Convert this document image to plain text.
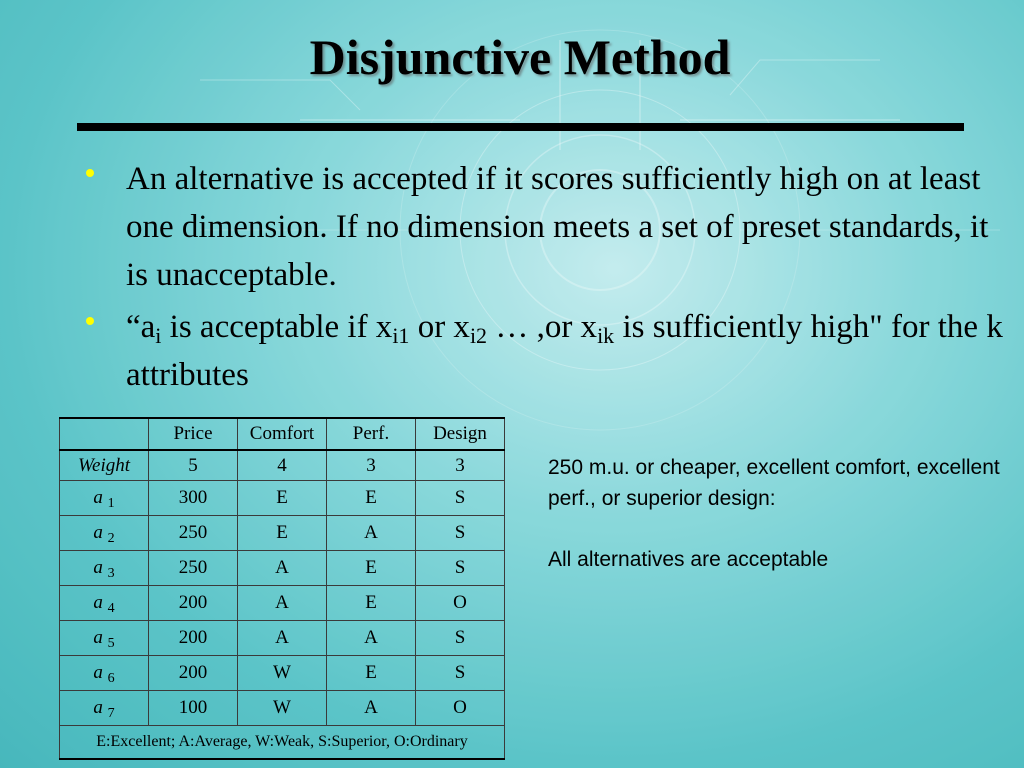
Disjunctive Method
An alternative is accepted if it scores sufficiently high on at least one dimension. If no dimension meets a set of preset standards, it is unacceptable.
“$a_i$ is acceptable if $x_{i1}$ or $x_{i2}$ … ,or $x_{ik}$ is sufficiently high" for the k attributes
	Price	Comfort	Perf.	Design
Weight	5	4	3	3
a $_1$	300	E	E	S
a $_2$	250	E	A	S
a $_3$	250	A	E	S
a $_4$	200	A	E	O
a $_5$	200	A	A	S
a $_6$	200	W	E	S
a $_7$	100	W	A	O
E:Excellent; A:Average, W:Weak, S:Superior, O:Ordinary				

250 m.u. or cheaper, excellent comfort, excellent perf., or superior design:

All alternatives are acceptable
